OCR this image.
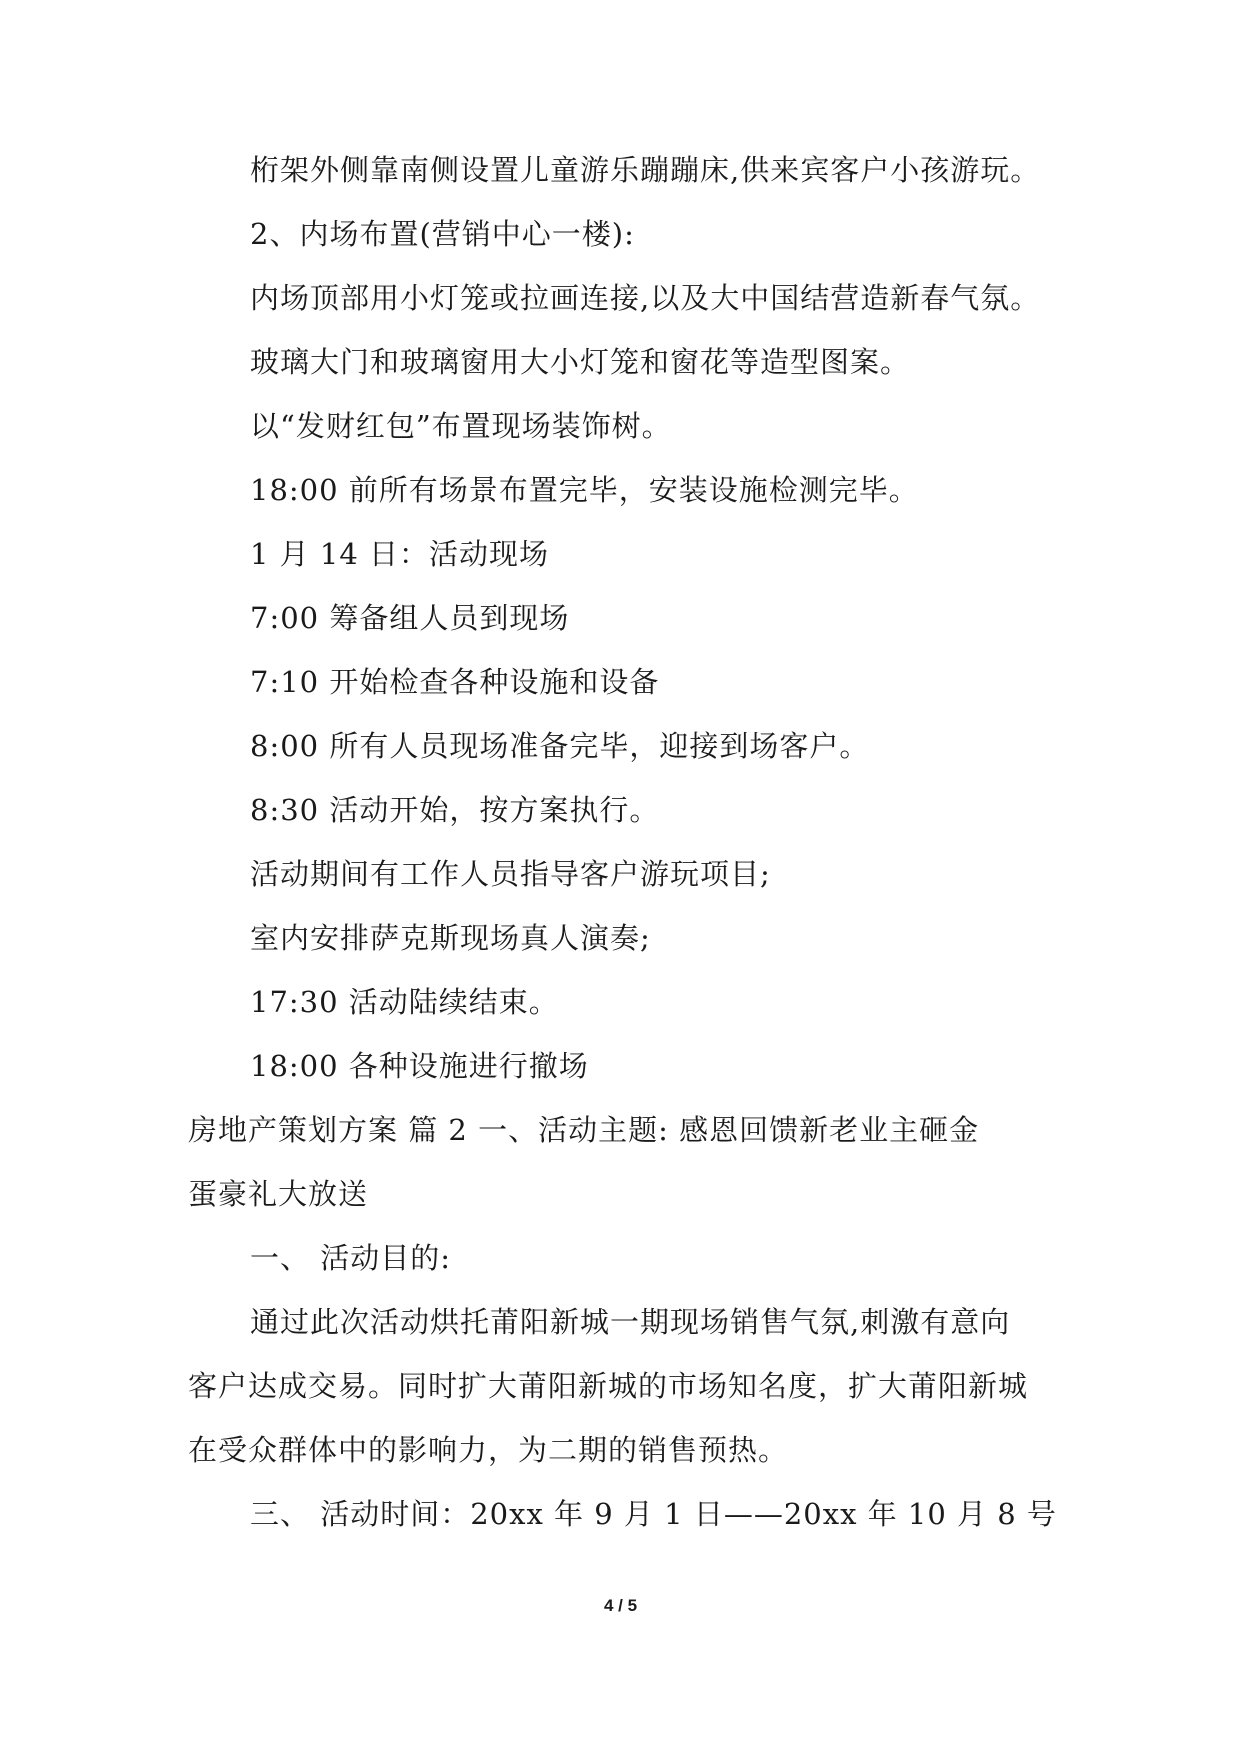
桁架外侧靠南侧设置儿童游乐蹦蹦床,供来宾客户小孩游玩。
2、内场布置(营销中心一楼):
内场顶部用小灯笼或拉画连接,以及大中国结营造新春气氛。
玻璃大门和玻璃窗用大小灯笼和窗花等造型图案。
以“发财红包”布置现场装饰树。
18:00 前所有场景布置完毕，安装设施检测完毕。
1 月 14 日：活动现场
7:00 筹备组人员到现场
7:10 开始检查各种设施和设备
8:00 所有人员现场准备完毕，迎接到场客户。
8:30 活动开始，按方案执行。
活动期间有工作人员指导客户游玩项目;
室内安排萨克斯现场真人演奏;
17:30 活动陆续结束。
18:00 各种设施进行撤场
房地产策划方案 篇 2 一、活动主题: 感恩回馈新老业主砸金
蛋豪礼大放送
一、 活动目的:
通过此次活动烘托莆阳新城一期现场销售气氛,刺激有意向
客户达成交易。同时扩大莆阳新城的市场知名度，扩大莆阳新城
在受众群体中的影响力，为二期的销售预热。
三、 活动时间：20xx 年 9 月 1 日——20xx 年 10 月 8 号
4 / 5
